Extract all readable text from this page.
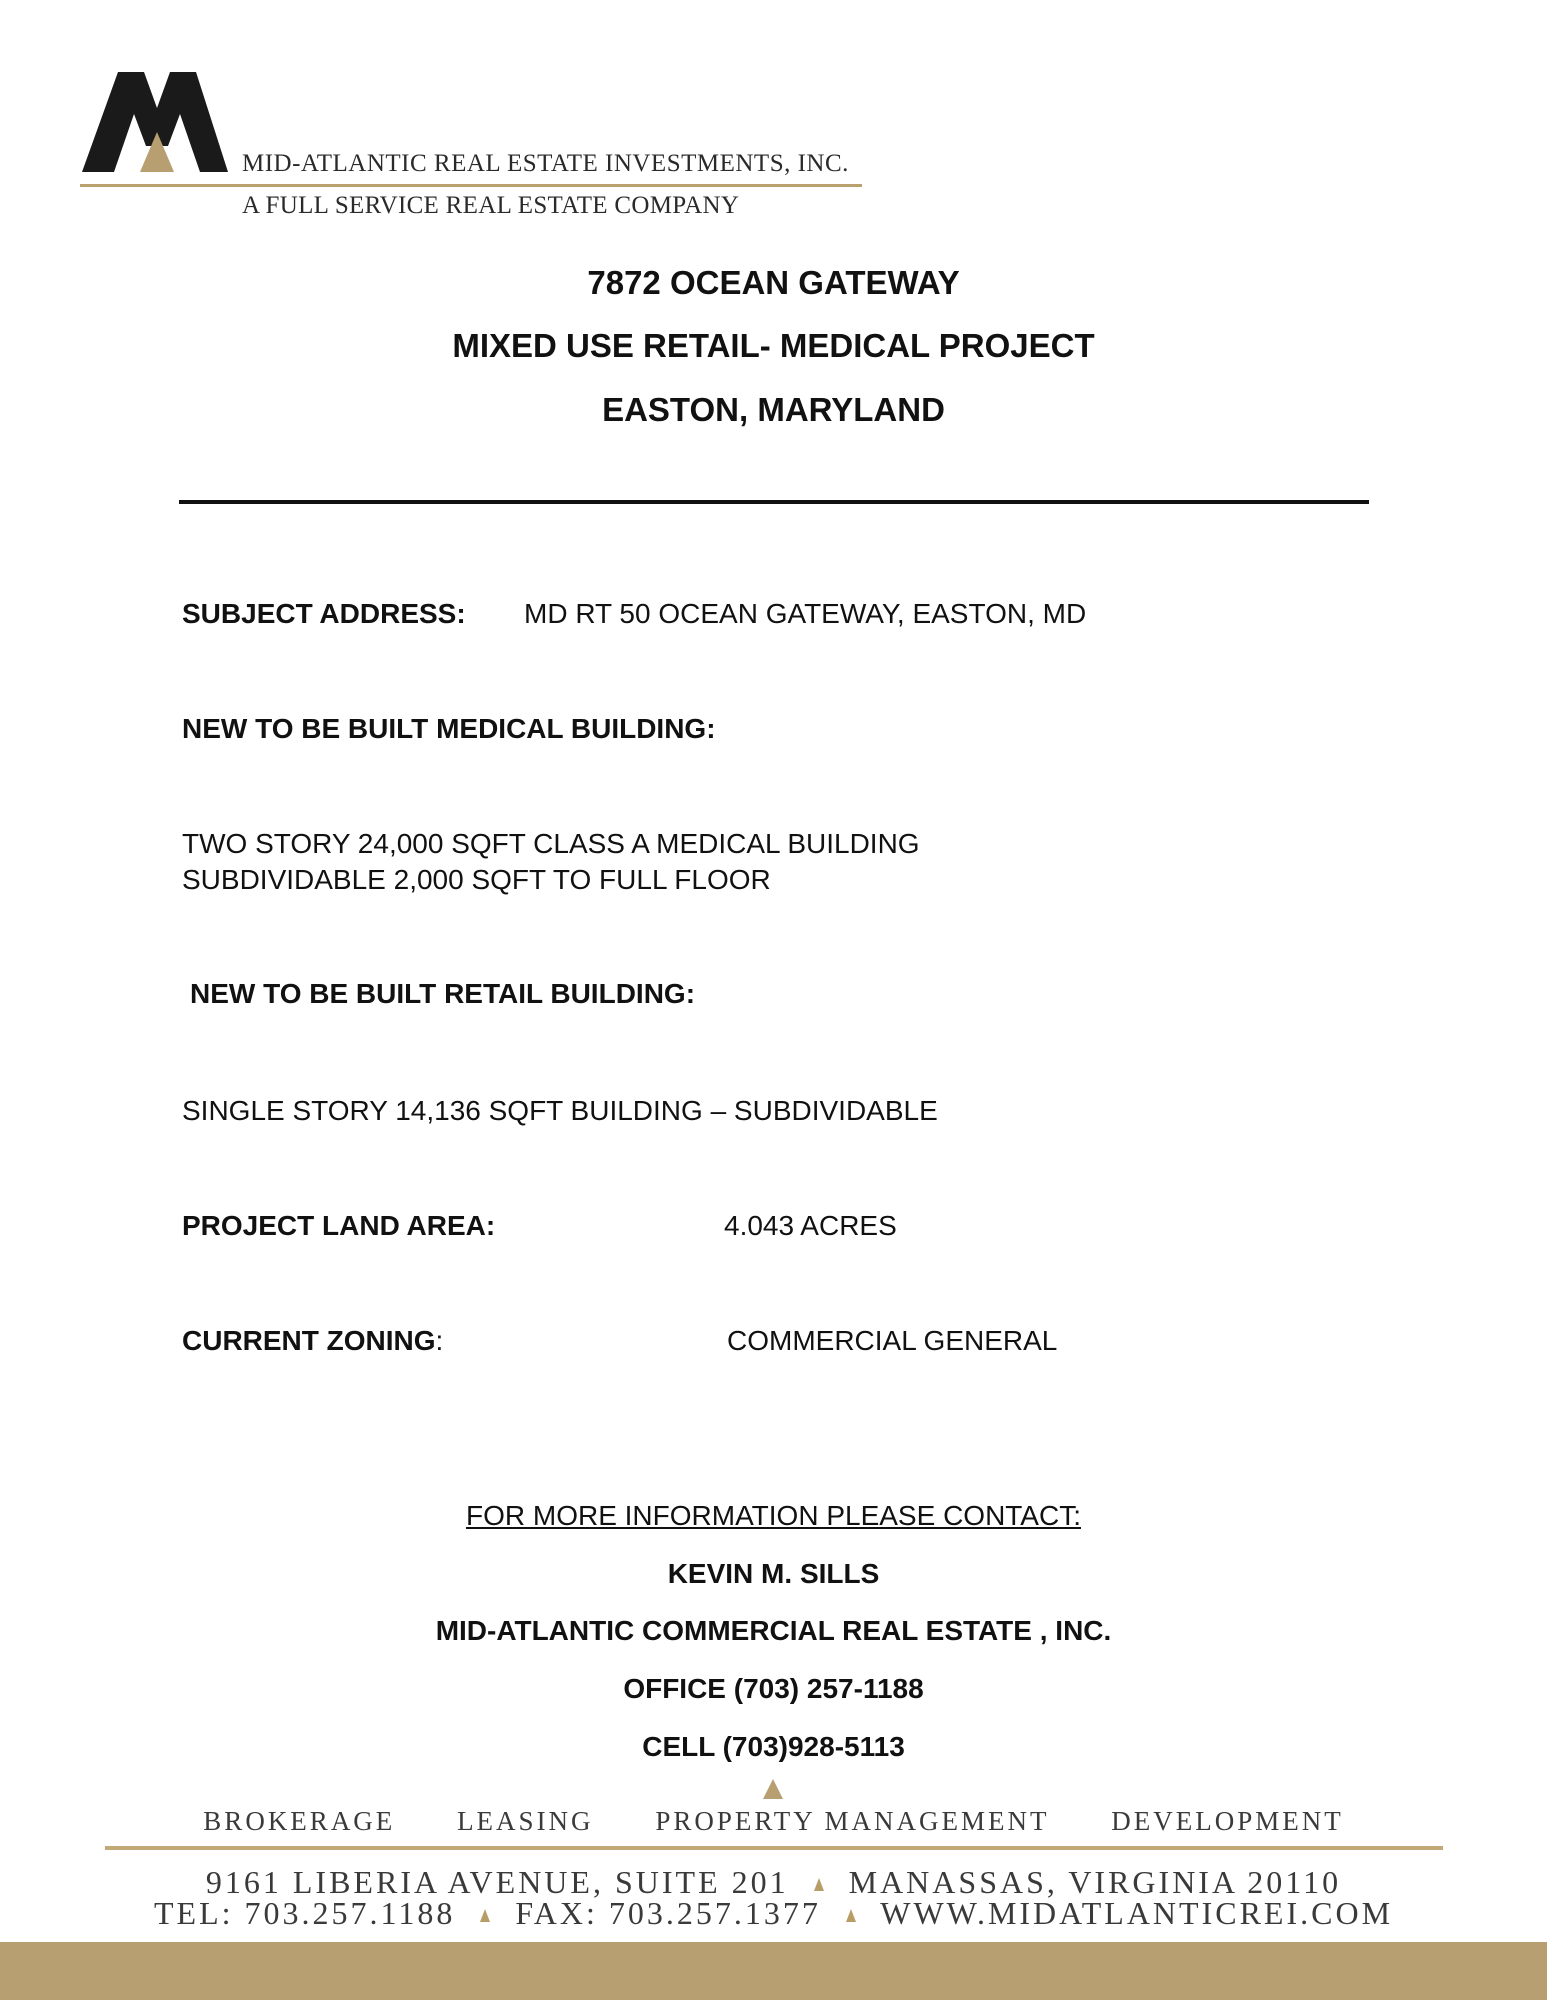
MID-ATLANTIC REAL ESTATE INVESTMENTS, INC.
A FULL SERVICE REAL ESTATE COMPANY
7872 OCEAN GATEWAY
MIXED USE RETAIL- MEDICAL PROJECT
EASTON, MARYLAND
SUBJECT ADDRESS: MD RT 50 OCEAN GATEWAY, EASTON, MD
NEW TO BE BUILT MEDICAL BUILDING:
TWO STORY 24,000 SQFT CLASS A MEDICAL BUILDING
SUBDIVIDABLE 2,000 SQFT TO FULL FLOOR
NEW TO BE BUILT RETAIL BUILDING:
SINGLE STORY 14,136 SQFT BUILDING – SUBDIVIDABLE
PROJECT LAND AREA:	4.043 ACRES
CURRENT ZONING:	COMMERCIAL GENERAL
FOR MORE INFORMATION PLEASE CONTACT:
KEVIN M. SILLS
MID-ATLANTIC COMMERCIAL REAL ESTATE , INC.
OFFICE (703) 257-1188
CELL (703)928-5113
BROKERAGE LEASING PROPERTY MANAGEMENT DEVELOPMENT
9161 LIBERIA AVENUE, SUITE 201 MANASSAS, VIRGINIA 20110
TEL: 703.257.1188 FAX: 703.257.1377 WWW.MIDATLANTICREI.COM
